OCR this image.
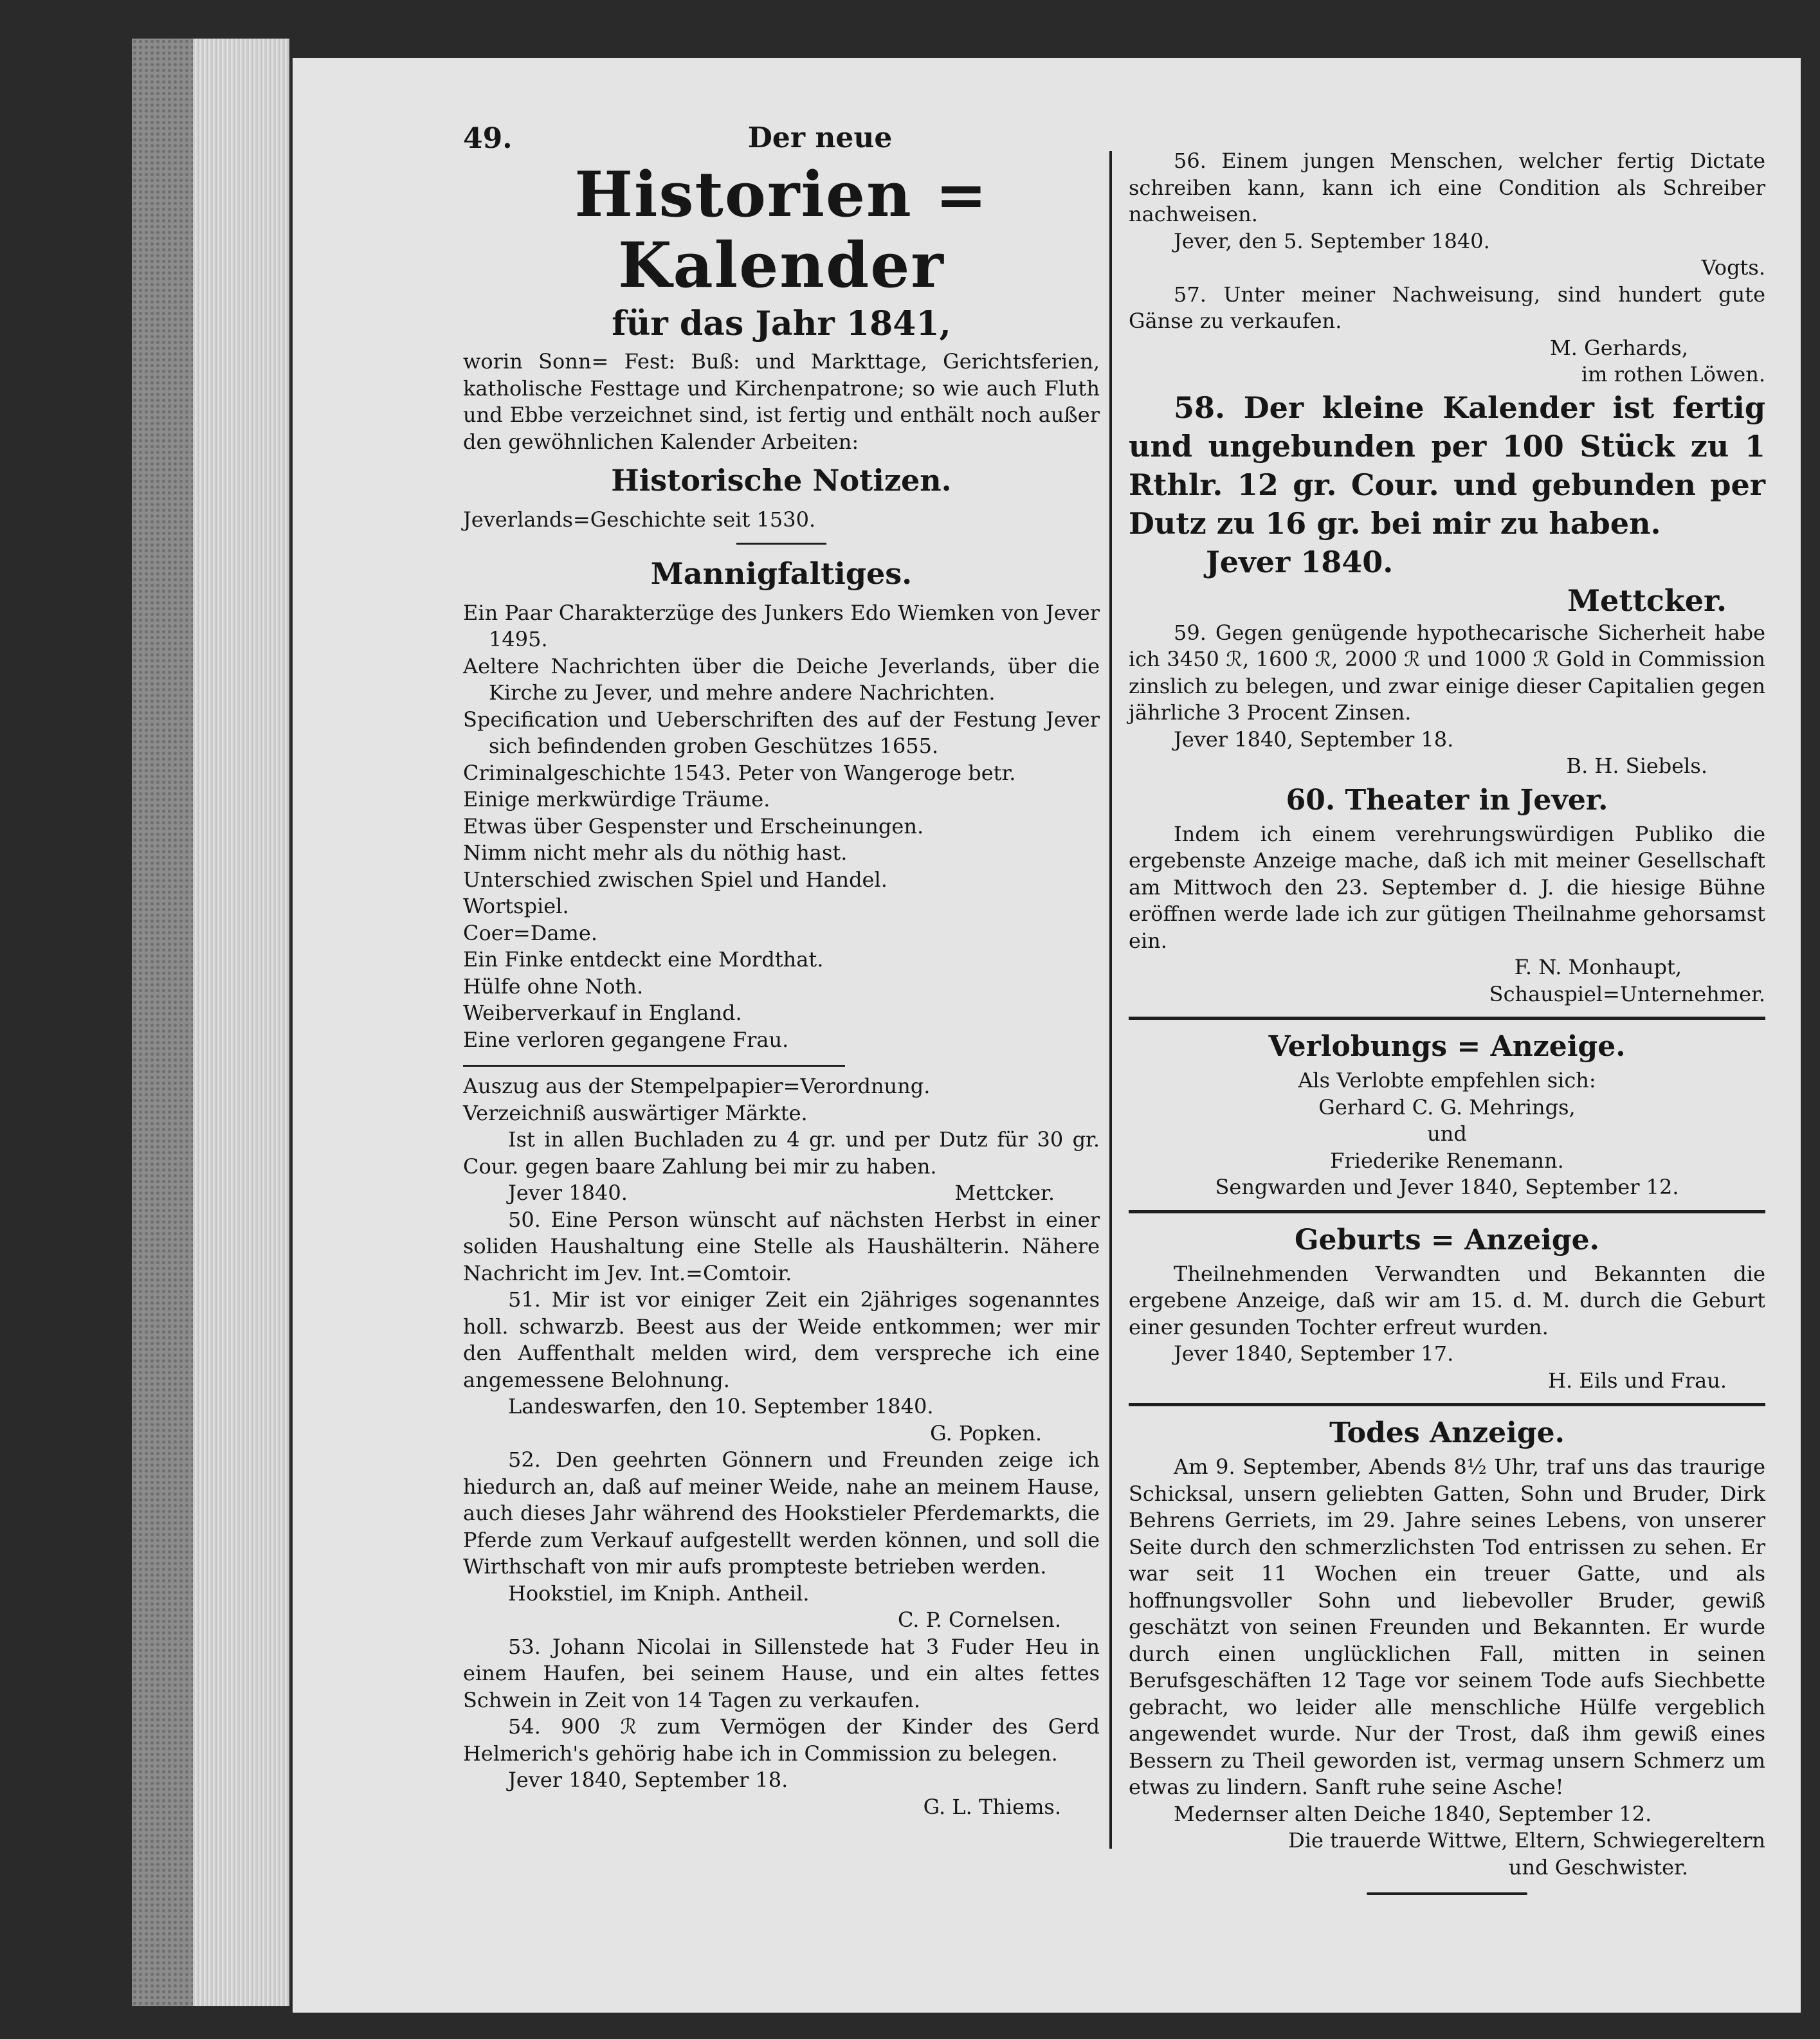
49.	Der neue

Historien = Kalender

für das Jahr 1841,

worin Sonn= Fest: Buß: und Markttage, Gerichtsferien, katholische Festtage und Kirchenpatrone; so wie auch Fluth und Ebbe verzeichnet sind, ist fertig und enthält noch außer den gewöhnlichen Kalender Arbeiten:

Historische Notizen.

Jeverlands=Geschichte seit 1530.

Mannigfaltiges.

Ein Paar Charakterzüge des Junkers Edo Wiemken von Jever 1495.

Aeltere Nachrichten über die Deiche Jeverlands, über die Kirche zu Jever, und mehre andere Nachrichten.

Specification und Ueberschriften des auf der Festung Jever sich befindenden groben Geschützes 1655.

Criminalgeschichte 1543. Peter von Wangeroge betr.

Einige merkwürdige Träume.

Etwas über Gespenster und Erscheinungen.

Nimm nicht mehr als du nöthig hast.

Unterschied zwischen Spiel und Handel.

Wortspiel.

Coer=Dame.

Ein Finke entdeckt eine Mordthat.

Hülfe ohne Noth.

Weiberverkauf in England.

Eine verloren gegangene Frau.

Auszug aus der Stempelpapier=Verordnung.

Verzeichniß auswärtiger Märkte.

Ist in allen Buchladen zu 4 gr. und per Dutz für 30 gr. Cour. gegen baare Zahlung bei mir zu haben.

Jever 1840.	Mettcker.

50. Eine Person wünscht auf nächsten Herbst in einer soliden Haushaltung eine Stelle als Haushälterin. Nähere Nachricht im Jev. Int.=Comtoir.

51. Mir ist vor einiger Zeit ein 2jähriges sogenanntes holl. schwarzb. Beest aus der Weide entkommen; wer mir den Auffenthalt melden wird, dem verspreche ich eine angemessene Belohnung.

Landeswarfen, den 10. September 1840.

G. Popken.

52. Den geehrten Gönnern und Freunden zeige ich hiedurch an, daß auf meiner Weide, nahe an meinem Hause, auch dieses Jahr während des Hookstieler Pferdemarkts, die Pferde zum Verkauf aufgestellt werden können, und soll die Wirthschaft von mir aufs prompteste betrieben werden.

Hookstiel, im Kniph. Antheil.

C. P. Cornelsen.

53. Johann Nicolai in Sillenstede hat 3 Fuder Heu in einem Haufen, bei seinem Hause, und ein altes fettes Schwein in Zeit von 14 Tagen zu verkaufen.

54. 900 ℛ zum Vermögen der Kinder des Gerd Helmerich's gehörig habe ich in Commission zu belegen.

Jever 1840, September 18.

G. L. Thiems.

56. Einem jungen Menschen, welcher fertig Dictate schreiben kann, kann ich eine Condition als Schreiber nachweisen.

Jever, den 5. September 1840.

Vogts.

57. Unter meiner Nachweisung, sind hundert gute Gänse zu verkaufen.

M. Gerhards,

im rothen Löwen.

58. Der kleine Kalender ist fertig und ungebunden per 100 Stück zu 1 Rthlr. 12 gr. Cour. und gebunden per Dutz zu 16 gr. bei mir zu haben.

Jever 1840.

Mettcker.

59. Gegen genügende hypothecarische Sicherheit habe ich 3450 ℛ, 1600 ℛ, 2000 ℛ und 1000 ℛ Gold in Commission zinslich zu belegen, und zwar einige dieser Capitalien gegen jährliche 3 Procent Zinsen.

Jever 1840, September 18.

B. H. Siebels.

60. Theater in Jever.

Indem ich einem verehrungswürdigen Publiko die ergebenste Anzeige mache, daß ich mit meiner Gesellschaft am Mittwoch den 23. September d. J. die hiesige Bühne eröffnen werde lade ich zur gütigen Theilnahme gehorsamst ein.

F. N. Monhaupt,

Schauspiel=Unternehmer.

Verlobungs = Anzeige.

Als Verlobte empfehlen sich:

Gerhard C. G. Mehrings,

und

Friederike Renemann.

Sengwarden und Jever 1840, September 12.

Geburts = Anzeige.

Theilnehmenden Verwandten und Bekannten die ergebene Anzeige, daß wir am 15. d. M. durch die Geburt einer gesunden Tochter erfreut wurden.

Jever 1840, September 17.

H. Eils und Frau.

Todes Anzeige.

Am 9. September, Abends 8½ Uhr, traf uns das traurige Schicksal, unsern geliebten Gatten, Sohn und Bruder, Dirk Behrens Gerriets, im 29. Jahre seines Lebens, von unserer Seite durch den schmerzlichsten Tod entrissen zu sehen. Er war seit 11 Wochen ein treuer Gatte, und als hoffnungsvoller Sohn und liebevoller Bruder, gewiß geschätzt von seinen Freunden und Bekannten. Er wurde durch einen unglücklichen Fall, mitten in seinen Berufsgeschäften 12 Tage vor seinem Tode aufs Siechbette gebracht, wo leider alle menschliche Hülfe vergeblich angewendet wurde. Nur der Trost, daß ihm gewiß eines Bessern zu Theil geworden ist, vermag unsern Schmerz um etwas zu lindern. Sanft ruhe seine Asche!

Medernser alten Deiche 1840, September 12.

Die trauerde Wittwe, Eltern, Schwiegereltern

und Geschwister.
